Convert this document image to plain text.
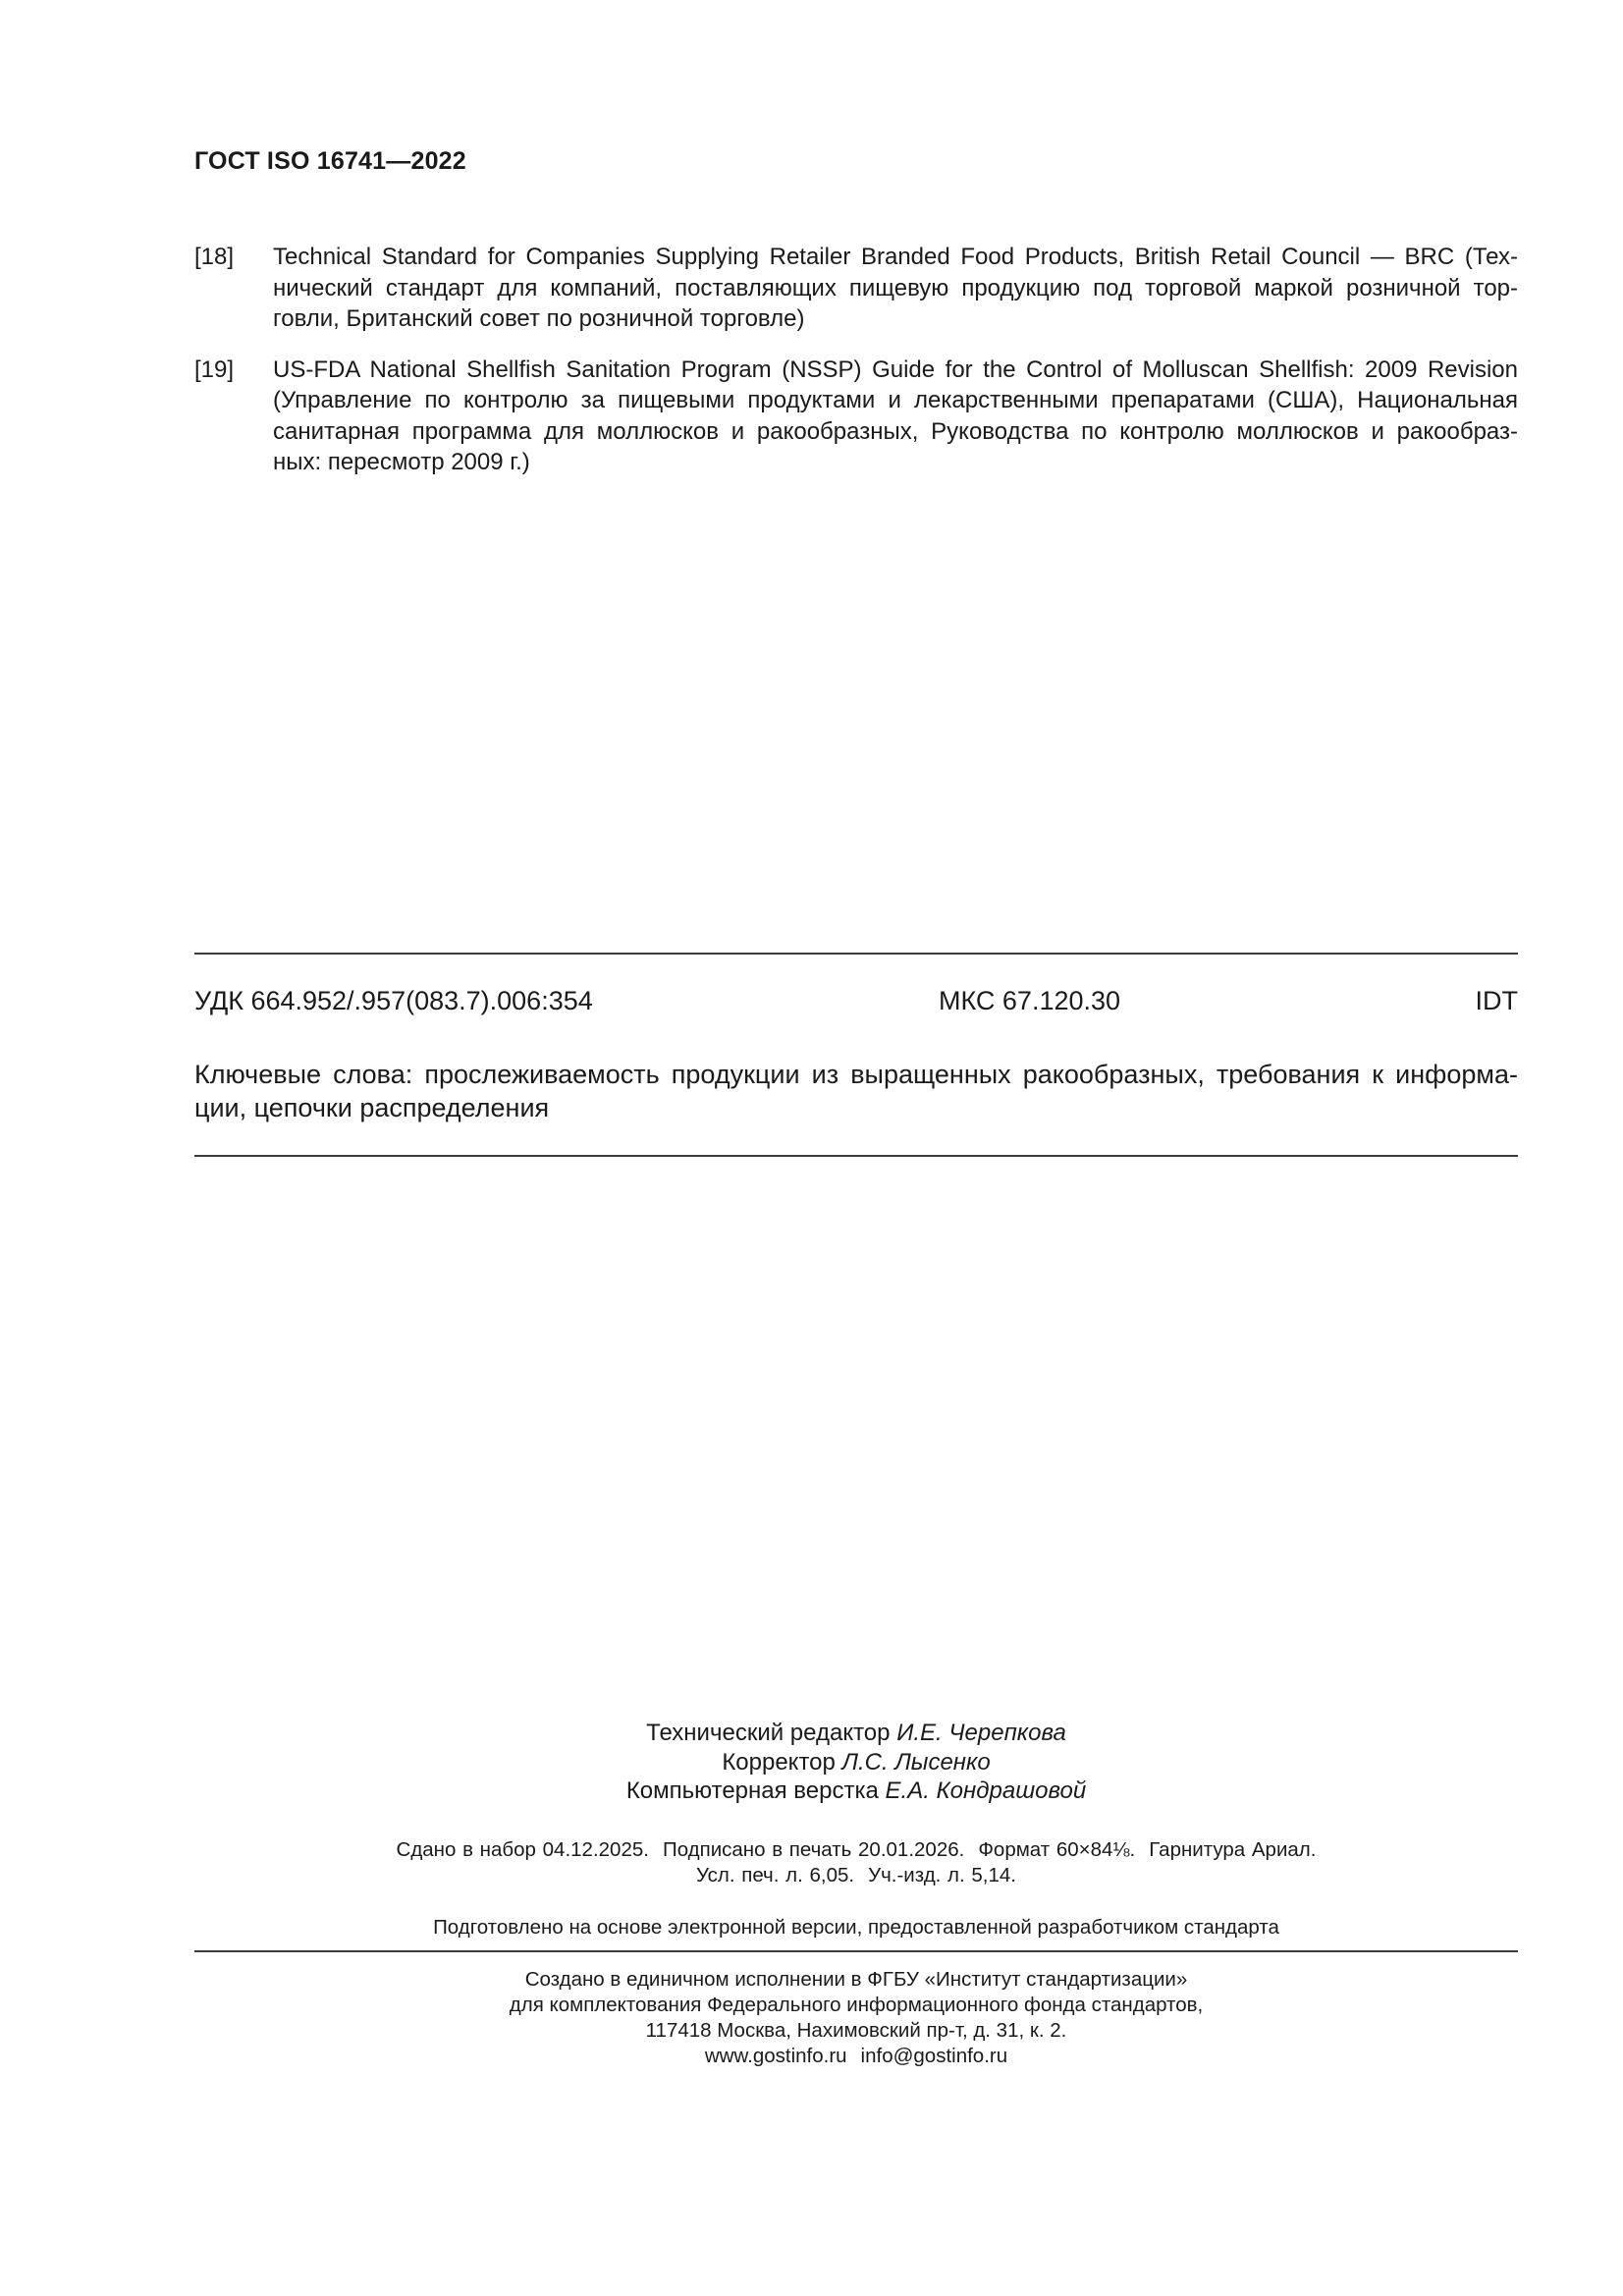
ГОСТ ISO 16741—2022
[18]	Technical Standard for Companies Supplying Retailer Branded Food Products, British Retail Council — BRC (Тех-
нический стандарт для компаний, поставляющих пищевую продукцию под торговой маркой розничной тор-
говли, Британский совет по розничной торговле)
[19]	US-FDA National Shellfish Sanitation Program (NSSP) Guide for the Control of Molluscan Shellfish: 2009 Revision
(Управление по контролю за пищевыми продуктами и лекарственными препаратами (США), Национальная
санитарная программа для моллюсков и ракообразных, Руководства по контролю моллюсков и ракообраз-
ных: пересмотр 2009 г.)
УДК 664.952/.957(083.7).006:354	МКС 67.120.30	IDT
Ключевые слова: прослеживаемость продукции из выращенных ракообразных, требования к информа-
ции, цепочки распределения
Технический редактор И.Е. Черепкова
Корректор Л.С. Лысенко
Компьютерная верстка Е.А. Кондрашовой
Сдано в набор 04.12.2025. Подписано в печать 20.01.2026. Формат 60×84⅛. Гарнитура Ариал.
Усл. печ. л. 6,05. Уч.-изд. л. 5,14.
Подготовлено на основе электронной версии, предоставленной разработчиком стандарта
Создано в единичном исполнении в ФГБУ «Институт стандартизации»
для комплектования Федерального информационного фонда стандартов,
117418 Москва, Нахимовский пр-т, д. 31, к. 2.
www.gostinfo.ru info@gostinfo.ru
